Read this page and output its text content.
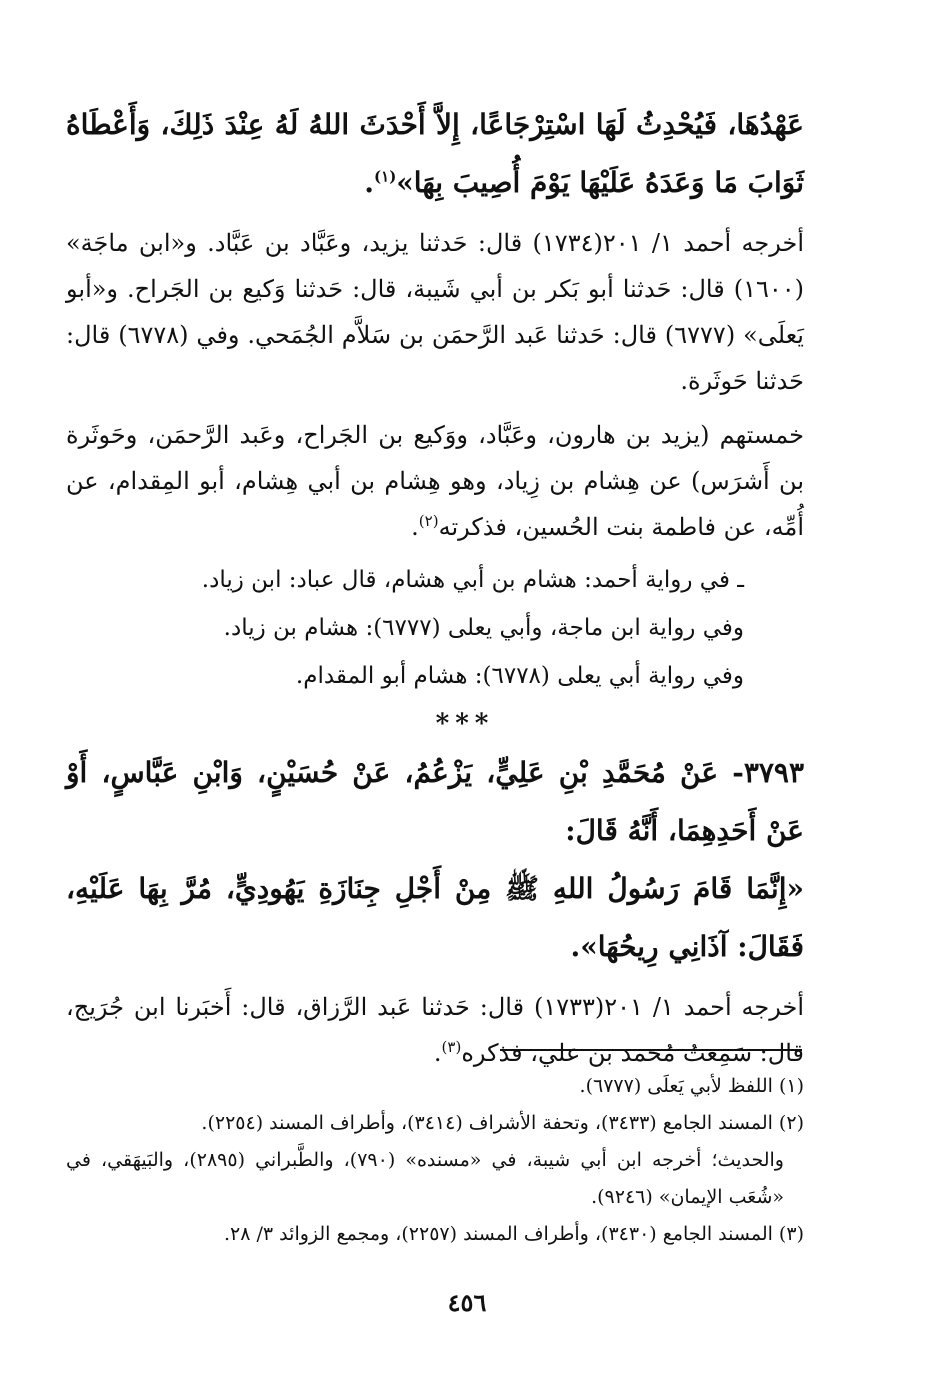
عَهْدُهَا، فَيُحْدِثُ لَهَا اسْتِرْجَاعًا، إِلاَّ أَحْدَثَ اللهُ لَهُ عِنْدَ ذَلِكَ، وَأَعْطَاهُ ثَوَابَ مَا وَعَدَهُ عَلَيْهَا يَوْمَ أُصِيبَ بِهَا»$^{(١)}$.

أخرجه أحمد ١/ ٢٠١(١٧٣٤) قال: حَدثنا يزيد، وعَبَّاد بن عَبَّاد. و«ابن ماجَة» (١٦٠٠) قال: حَدثنا أبو بَكر بن أبي شَيبة، قال: حَدثنا وَكيع بن الجَراح. و«أبو يَعلَى» (٦٧٧٧) قال: حَدثنا عَبد الرَّحمَن بن سَلاَّم الجُمَحي. وفي (٦٧٧٨) قال: حَدثنا حَوثَرة.

خمستهم (يزيد بن هارون، وعَبَّاد، ووَكيع بن الجَراح، وعَبد الرَّحمَن، وحَوثَرة بن أَشرَس) عن هِشام بن زِياد، وهو هِشام بن أبي هِشام، أبو المِقدام، عن أُمِّه، عن فاطمة بنت الحُسين، فذكرته$^{(٢)}$.

ـ في رواية أحمد: هشام بن أبي هشام، قال عباد: ابن زياد.

وفي رواية ابن ماجة، وأبي يعلى (٦٧٧٧): هشام بن زياد.

وفي رواية أبي يعلى (٦٧٧٨): هشام أبو المقدام.

***

٣٧٩٣- عَنْ مُحَمَّدِ بْنِ عَلِيٍّ، يَزْعُمُ، عَنْ حُسَيْنٍ، وَابْنِ عَبَّاسٍ، أَوْ عَنْ أَحَدِهِمَا، أَنَّهُ قَالَ:

«إِنَّمَا قَامَ رَسُولُ اللهِ ﷺ مِنْ أَجْلِ جِنَازَةِ يَهُودِيٍّ، مُرَّ بِهَا عَلَيْهِ، فَقَالَ: آذَانِي رِيحُهَا».

أخرجه أحمد ١/ ٢٠١(١٧٣٣) قال: حَدثنا عَبد الرَّزاق، قال: أَخبَرنا ابن جُرَيج، قال: سَمِعتُ مُحمد بن علي، فذكره$^{(٣)}$.

(١) اللفظ لأبي يَعلَى (٦٧٧٧).

(٢) المسند الجامع (٣٤٣٣)، وتحفة الأشراف (٣٤١٤)، وأطراف المسند (٢٢٥٤).

والحديث؛ أخرجه ابن أبي شيبة، في «مسنده» (٧٩٠)، والطَّبراني (٢٨٩٥)، والبَيهَقي، في «شُعَب الإيمان» (٩٢٤٦).

(٣) المسند الجامع (٣٤٣٠)، وأطراف المسند (٢٢٥٧)، ومجمع الزوائد ٣/ ٢٨.

٤٥٦
